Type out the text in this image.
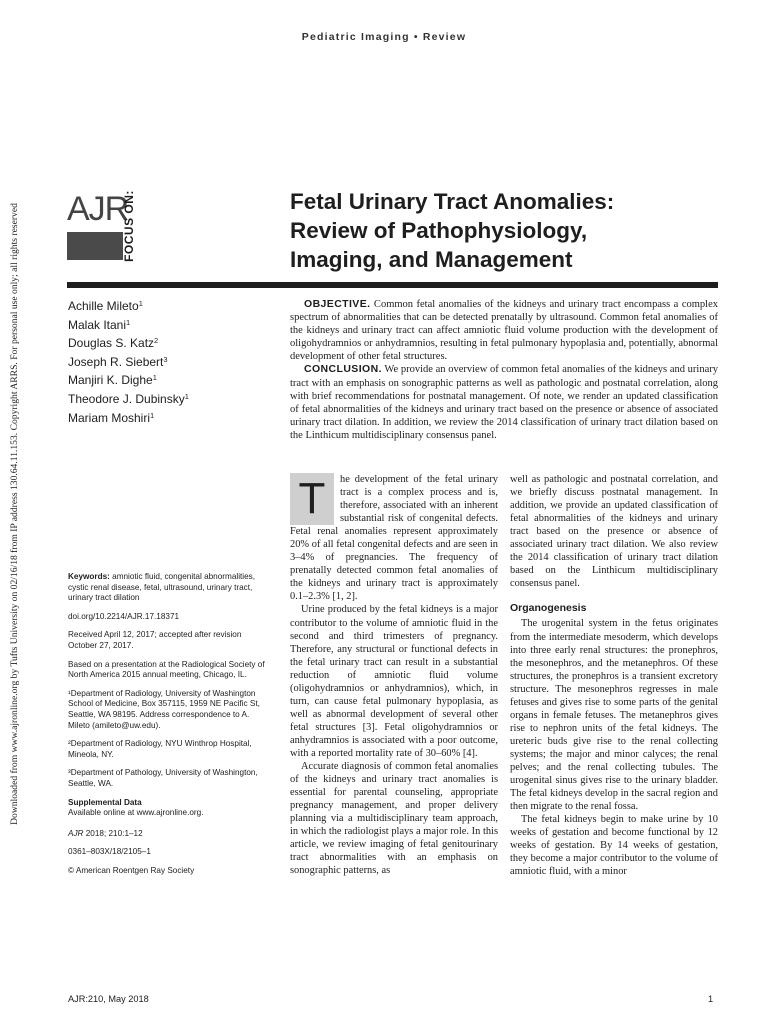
Pediatric Imaging • Review
Downloaded from www.ajronline.org by Tufts University on 02/16/18 from IP address 130.64.11.153. Copyright ARRS. For personal use only; all rights reserved AJR
FOCUS ON:	Fetal Urinary Tract Anomalies:
Review of Pathophysiology,
Imaging, and Management
Achille Mileto$^1$
Malak Itani$^1$
Douglas S. Katz$^2$
Joseph R. Siebert$^3$
Manjiri K. Dighe$^1$
Theodore J. Dubinsky$^1$
Mariam Moshiri$^1$

OBJECTIVE. Common fetal anomalies of the kidneys and urinary tract encompass a complex spectrum of abnormalities that can be detected prenatally by ultrasound. Common fetal anomalies of the kidneys and urinary tract can affect amniotic fluid volume production with the development of oligohydramnios or anhydramnios, resulting in fetal pulmonary hypoplasia and, potentially, abnormal development of other fetal structures.

CONCLUSION. We provide an overview of common fetal anomalies of the kidneys and urinary tract with an emphasis on sonographic patterns as well as pathologic and postnatal correlation, along with brief recommendations for postnatal management. Of note, we render an updated classification of fetal abnormalities of the kidneys and urinary tract based on the presence or absence of associated urinary tract dilation. In addition, we review the 2014 classification of urinary tract dilation based on the Linthicum multidisciplinary consensus panel.

Keywords: amniotic fluid, congenital abnormalities, cystic renal disease, fetal, ultrasound, urinary tract, urinary tract dilation

doi.org/10.2214/AJR.17.18371

Received April 12, 2017; accepted after revision October 27, 2017.

Based on a presentation at the Radiological Society of North America 2015 annual meeting, Chicago, IL.

¹Department of Radiology, University of Washington School of Medicine, Box 357115, 1959 NE Pacific St, Seattle, WA 98195. Address correspondence to A. Mileto (amileto@uw.edu).

²Department of Radiology, NYU Winthrop Hospital, Mineola, NY.

³Department of Pathology, University of Washington, Seattle, WA.

Supplemental Data
Available online at www.ajronline.org.

AJR 2018; 210:1–12

0361–803X/18/2105–1

© American Roentgen Ray Society

T	he development of the fetal urinary tract is a complex process and is, therefore, associated with an inherent substantial risk of congenital defects. Fetal renal anomalies represent approximately 20% of all fetal congenital defects and are seen in 3–4% of pregnancies. The frequency of prenatally detected common fetal anomalies of the kidneys and urinary tract is approximately 0.1–2.3% [1, 2].

Urine produced by the fetal kidneys is a major contributor to the volume of amniotic fluid in the second and third trimesters of pregnancy. Therefore, any structural or functional defects in the fetal urinary tract can result in a substantial reduction of amniotic fluid volume (oligohydramnios or anhydramnios), which, in turn, can cause fetal pulmonary hypoplasia, as well as abnormal development of several other fetal structures [3]. Fetal oligohydramnios or anhydramnios is associated with a poor outcome, with a reported mortality rate of 30–60% [4].

Accurate diagnosis of common fetal anomalies of the kidneys and urinary tract anomalies is essential for parental counseling, appropriate pregnancy management, and proper delivery planning via a multidisciplinary team approach, in which the radiologist plays a major role. In this article, we review imaging of fetal genitourinary tract abnormalities with an emphasis on sonographic patterns, as

well as pathologic and postnatal correlation, and we briefly discuss postnatal management. In addition, we provide an updated classification of fetal abnormalities of the kidneys and urinary tract based on the presence or absence of associated urinary tract dilation. We also review the 2014 classification of urinary tract dilation based on the Linthicum multidisciplinary consensus panel.

Organogenesis

The urogenital system in the fetus originates from the intermediate mesoderm, which develops into three early renal structures: the pronephros, the mesonephros, and the metanephros. Of these structures, the pronephros is a transient excretory structure. The mesonephros regresses in male fetuses and gives rise to some parts of the genital organs in female fetuses. The metanephros gives rise to nephron units of the fetal kidneys. The ureteric buds give rise to the renal collecting systems; the major and minor calyces; the renal pelves; and the renal collecting tubules. The urogenital sinus gives rise to the urinary bladder. The fetal kidneys develop in the sacral region and then migrate to the renal fossa.

The fetal kidneys begin to make urine by 10 weeks of gestation and become functional by 12 weeks of gestation. By 14 weeks of gestation, they become a major contributor to the volume of amniotic fluid, with a minor

AJR:210, May 2018	1
